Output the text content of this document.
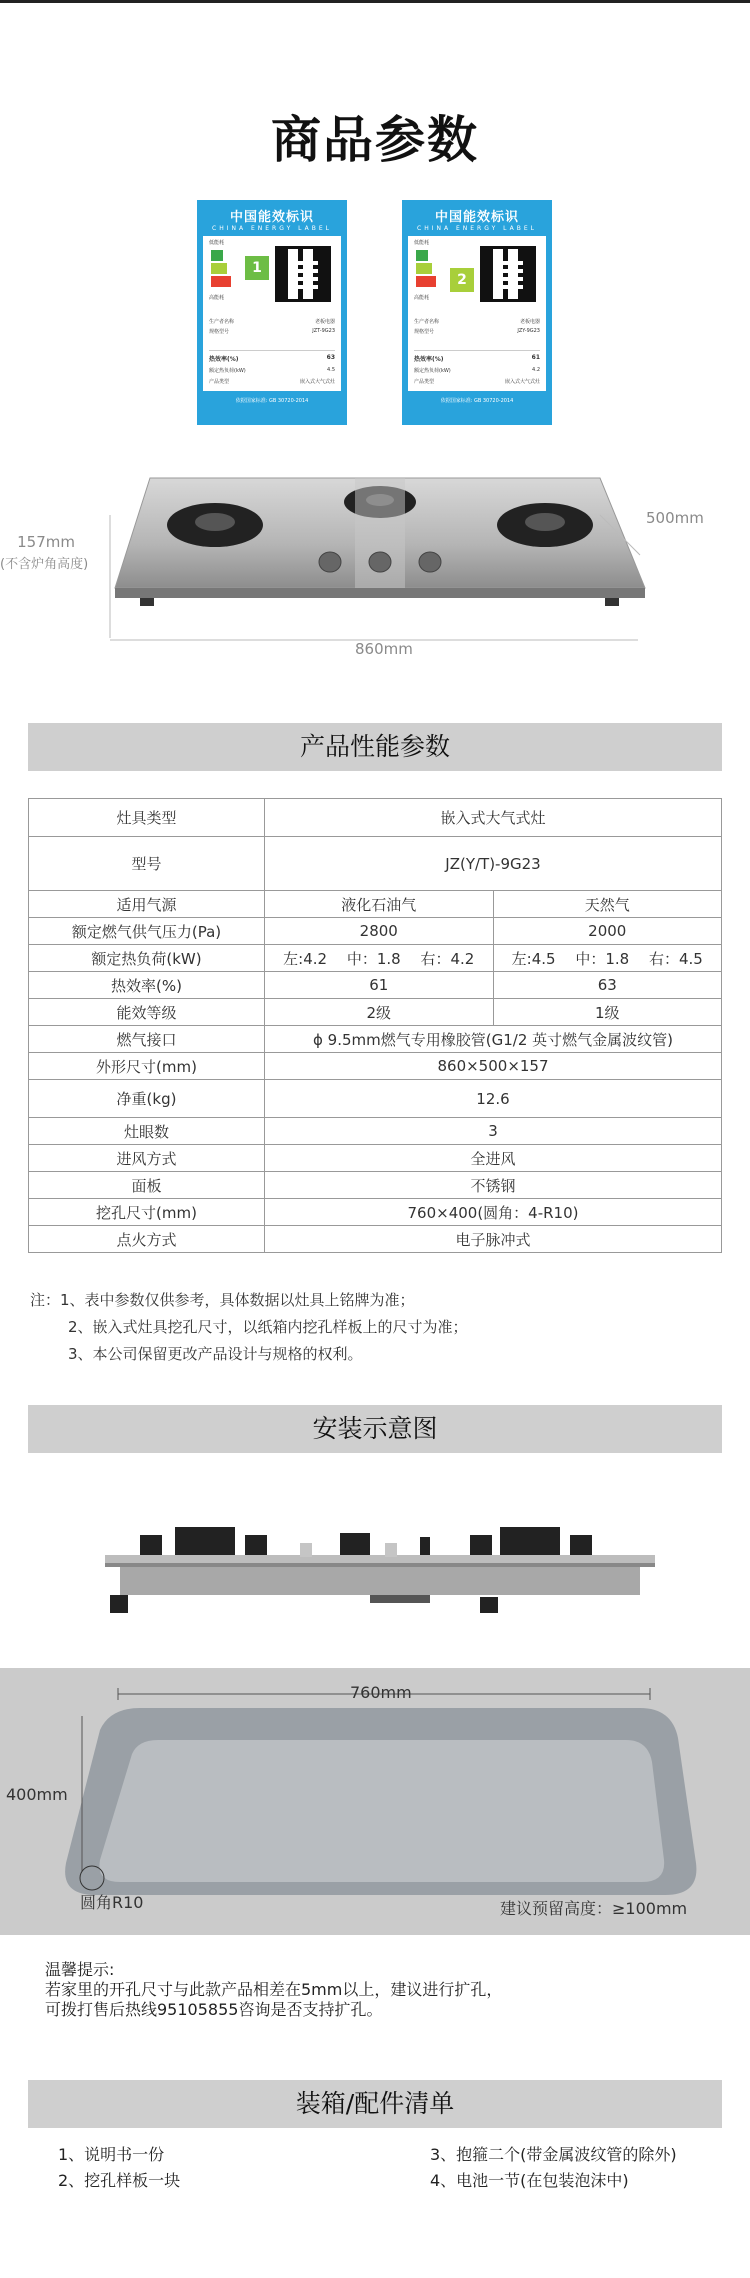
商品参数
中国能效标识
CHINA ENERGY LABEL
低能耗
高能耗
1
生产者名称	老板电器
规格型号	JZT-9G23
热效率(%)	63
额定热负荷(kW)	4.5
产品类型	嵌入式大气式灶
依据国家标准: GB 30720-2014
中国能效标识
CHINA ENERGY LABEL
低能耗
高能耗
2
生产者名称	老板电器
规格型号	JZY-9G23
热效率(%)	61
额定热负荷(kW)	4.2
产品类型	嵌入式大气式灶
依据国家标准: GB 30720-2014
157mm
(不含炉角高度)
500mm
860mm
产品性能参数
灶具类型	嵌入式大气式灶	
型号	JZ(Y/T)-9G23	
适用气源	液化石油气	天然气
额定燃气供气压力(Pa)	2800	2000
额定热负荷(kW)	左:4.2　 中：1.8　 右：4.2	左:4.5　 中：1.8　 右：4.5
热效率(%)	61	63
能效等级	2级	1级
燃气接口	ϕ 9.5mm燃气专用橡胶管(G1/2 英寸燃气金属波纹管)	
外形尺寸(mm)	860×500×157	
净重(kg)	12.6	
灶眼数	3	
进风方式	全进风	
面板	不锈钢	
挖孔尺寸(mm)	760×400(圆角：4-R10)	
点火方式	电子脉冲式	
注：1、表中参数仅供参考，具体数据以灶具上铭牌为准；
2、嵌入式灶具挖孔尺寸，以纸箱内挖孔样板上的尺寸为准；
3、本公司保留更改产品设计与规格的权利。
安装示意图
760mm
400mm
圆角R10	建议预留高度：≥100mm
温馨提示:
若家里的开孔尺寸与此款产品相差在5mm以上，建议进行扩孔，
可拨打售后热线95105855咨询是否支持扩孔。
装箱/配件清单
1、说明书一份
2、挖孔样板一块
3、抱箍二个(带金属波纹管的除外)
4、电池一节(在包装泡沫中)
